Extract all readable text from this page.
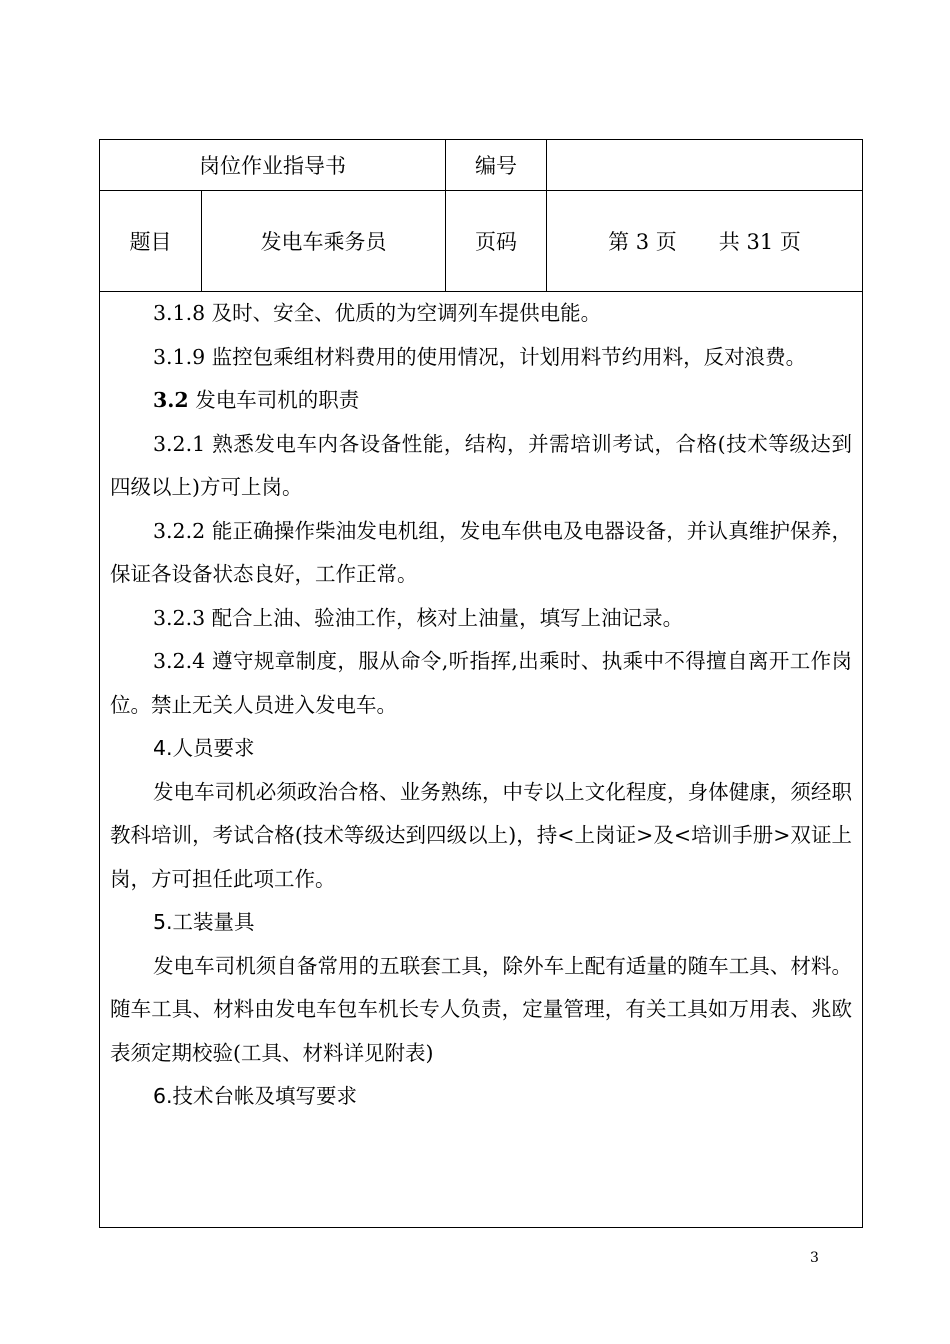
岗位作业指导书	编号
题目	发电车乘务员	页码	第 3 页　　共 31 页

3.1.8 及时、安全、优质的为空调列车提供电能。

3.1.9 监控包乘组材料费用的使用情况，计划用料节约用料，反对浪费。

3.2 发电车司机的职责

3.2.1 熟悉发电车内各设备性能，结构，并需培训考试，合格(技术等级达到四级以上)方可上岗。

3.2.2 能正确操作柴油发电机组，发电车供电及电器设备，并认真维护保养，保证各设备状态良好，工作正常。

3.2.3 配合上油、验油工作，核对上油量，填写上油记录。

3.2.4 遵守规章制度，服从命令,听指挥,出乘时、执乘中不得擅自离开工作岗位。禁止无关人员进入发电车。

4.人员要求

发电车司机必须政治合格、业务熟练，中专以上文化程度，身体健康，须经职教科培训，考试合格(技术等级达到四级以上)，持<上岗证>及<培训手册>双证上岗，方可担任此项工作。

5.工装量具

发电车司机须自备常用的五联套工具，除外车上配有适量的随车工具、材料。随车工具、材料由发电车包车机长专人负责，定量管理，有关工具如万用表、兆欧表须定期校验(工具、材料详见附表)

6.技术台帐及填写要求

3
